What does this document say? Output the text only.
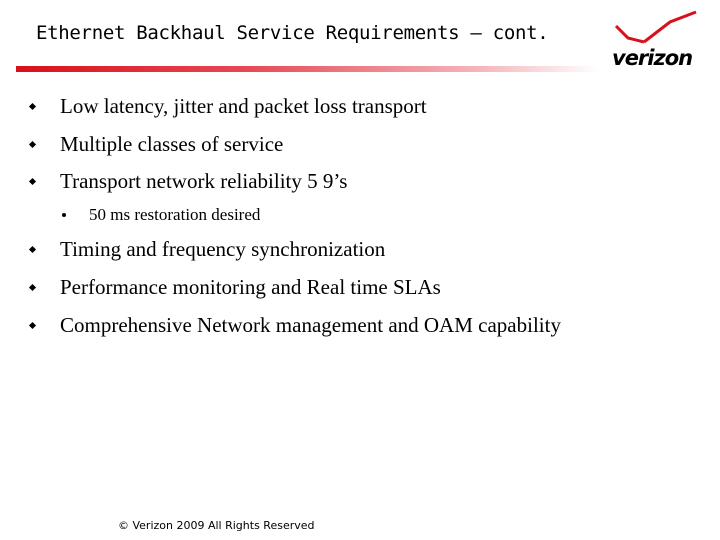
Ethernet Backhaul Service Requirements – cont.
verizon
Low latency, jitter and packet loss transport
Multiple classes of service
Transport network reliability 5 9’s
50 ms restoration desired
Timing and frequency synchronization
Performance monitoring and Real time SLAs
Comprehensive Network management and OAM capability
© Verizon 2009 All Rights Reserved
